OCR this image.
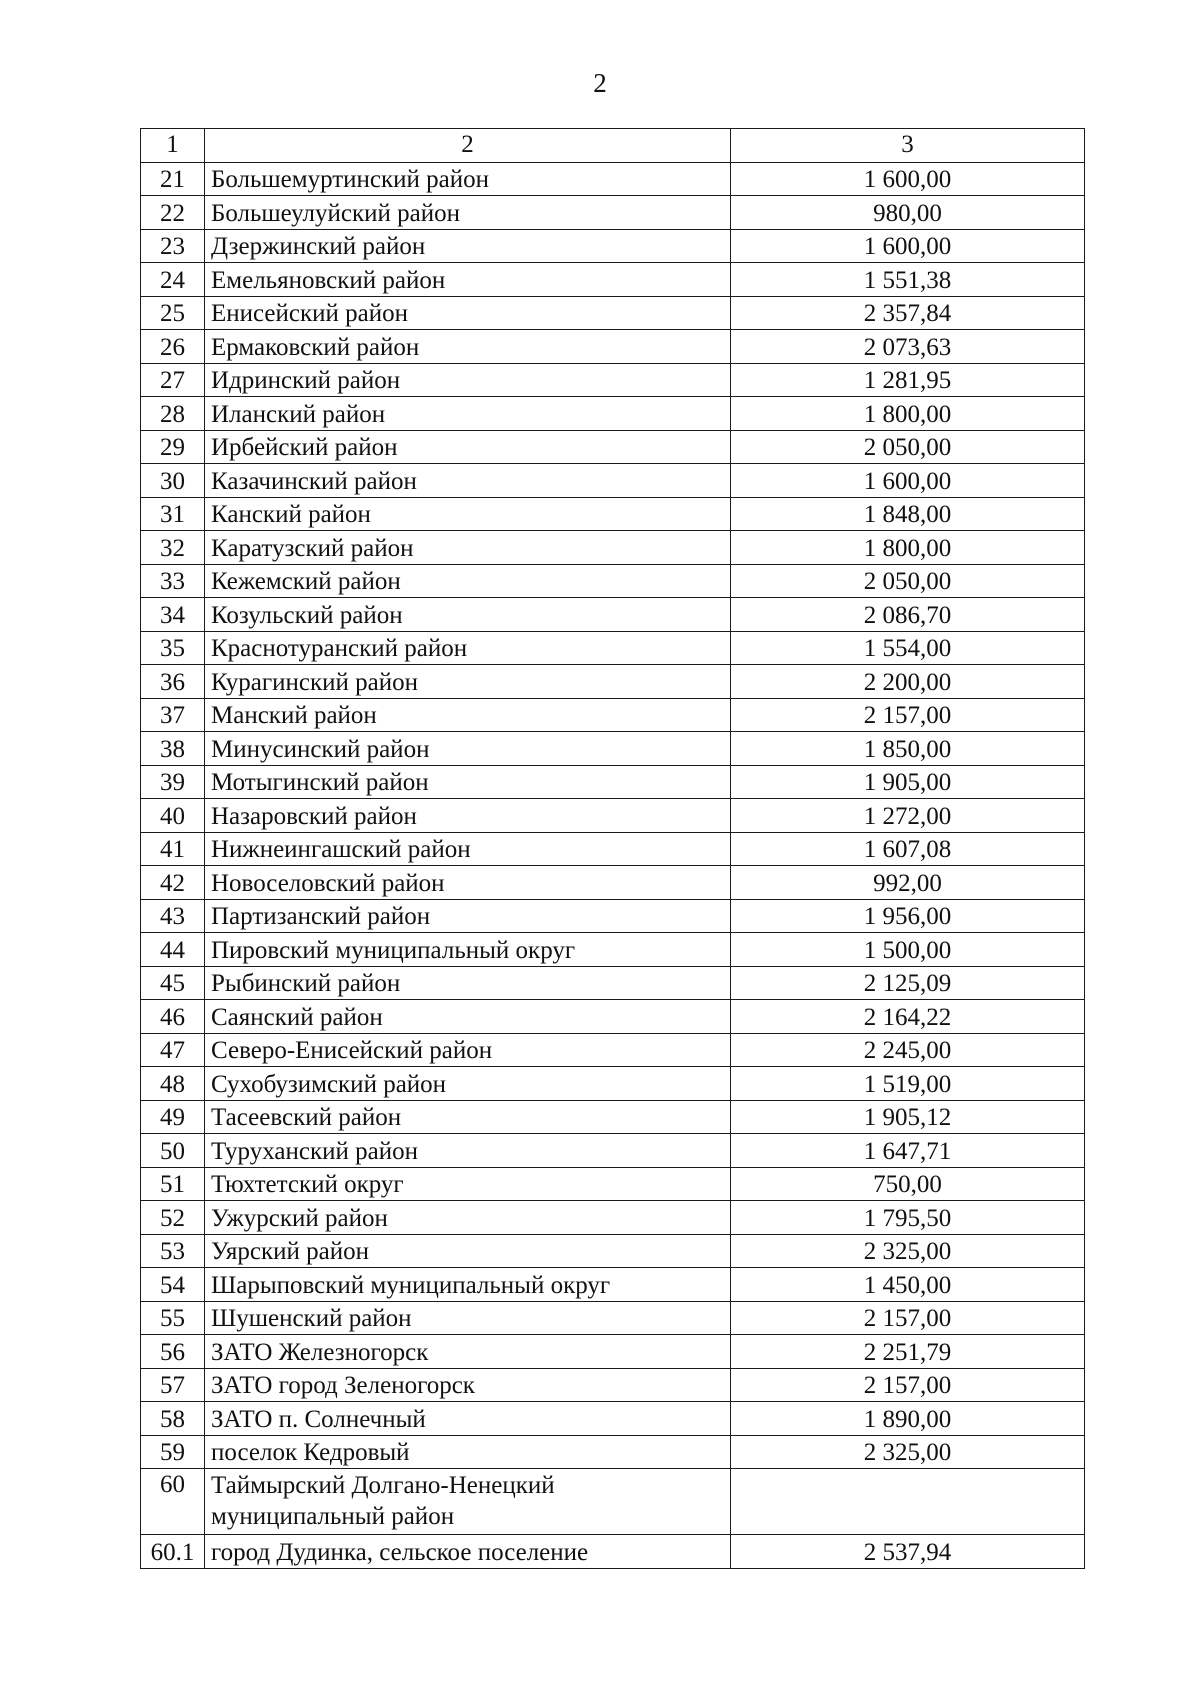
2
1	2	3
21	Большемуртинский район	1 600,00
22	Большеулуйский район	980,00
23	Дзержинский район	1 600,00
24	Емельяновский район	1 551,38
25	Енисейский район	2 357,84
26	Ермаковский район	2 073,63
27	Идринский район	1 281,95
28	Иланский район	1 800,00
29	Ирбейский район	2 050,00
30	Казачинский район	1 600,00
31	Канский район	1 848,00
32	Каратузский район	1 800,00
33	Кежемский район	2 050,00
34	Козульский район	2 086,70
35	Краснотуранский район	1 554,00
36	Курагинский район	2 200,00
37	Манский район	2 157,00
38	Минусинский район	1 850,00
39	Мотыгинский район	1 905,00
40	Назаровский район	1 272,00
41	Нижнеингашский район	1 607,08
42	Новоселовский район	992,00
43	Партизанский район	1 956,00
44	Пировский муниципальный округ	1 500,00
45	Рыбинский район	2 125,09
46	Саянский район	2 164,22
47	Северо-Енисейский район	2 245,00
48	Сухобузимский район	1 519,00
49	Тасеевский район	1 905,12
50	Туруханский район	1 647,71
51	Тюхтетский округ	750,00
52	Ужурский район	1 795,50
53	Уярский район	2 325,00
54	Шарыповский муниципальный округ	1 450,00
55	Шушенский район	2 157,00
56	ЗАТО Железногорск	2 251,79
57	ЗАТО город Зеленогорск	2 157,00
58	ЗАТО п. Солнечный	1 890,00
59	поселок Кедровый	2 325,00
60	Таймырский Долгано-Ненецкий муниципальный район	
60.1	город Дудинка, сельское поселение	2 537,94
